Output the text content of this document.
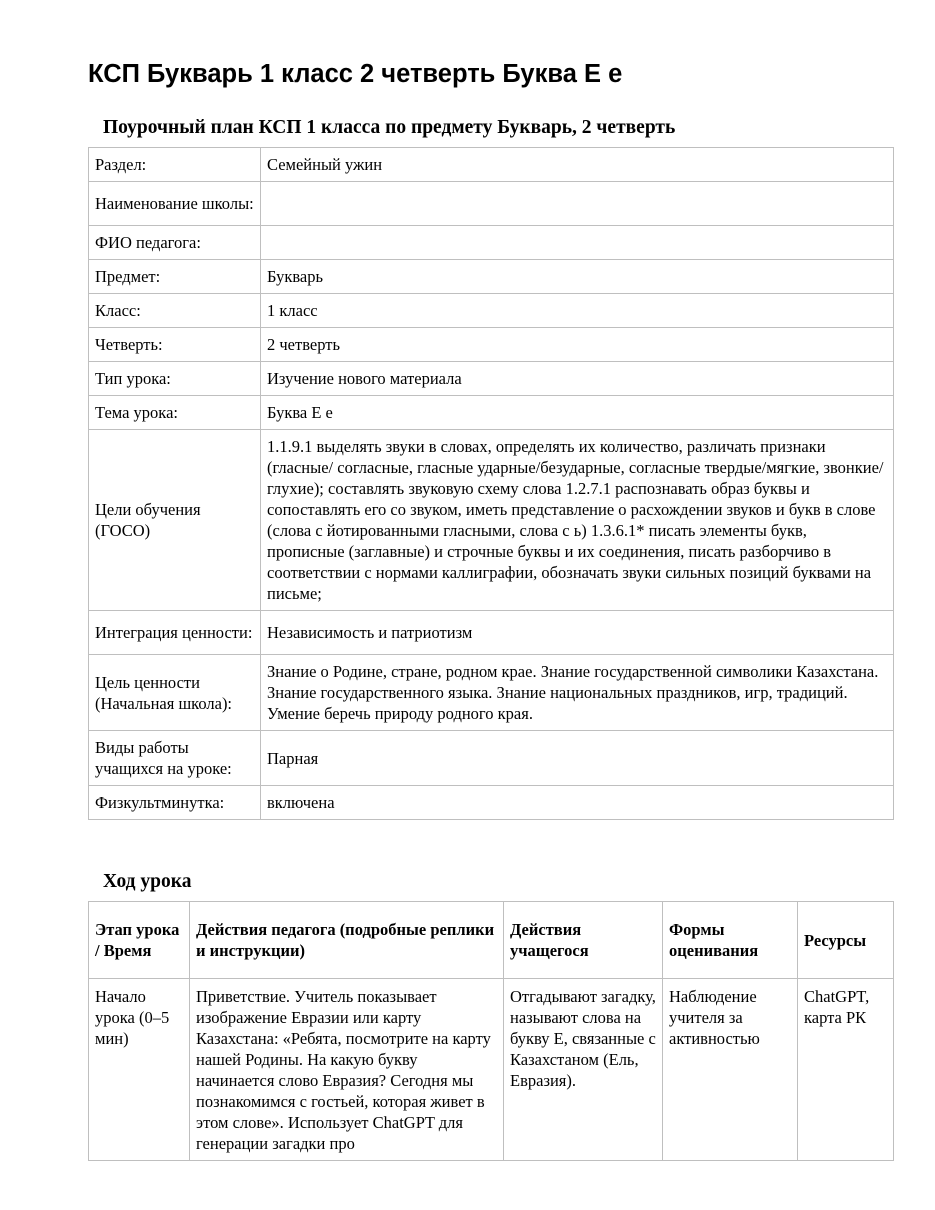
КСП Букварь 1 класс 2 четверть Буква Е е
Поурочный план КСП 1 класса по предмету Букварь, 2 четверть
Раздел:	Семейный ужин
Наименование школы:	
ФИО педагога:	
Предмет:	Букварь
Класс:	1 класс
Четверть:	2 четверть
Тип урока:	Изучение нового материала
Тема урока:	Буква Е е
Цели обучения (ГОСО)	1.1.9.1 выделять звуки в словах, определять их количество, различать признаки (гласные/ согласные, гласные ударные/безударные, согласные твердые/мягкие, звонкие/глухие); составлять звуковую схему слова 1.2.7.1 распознавать образ буквы и сопоставлять его со звуком, иметь представление о расхождении звуков и букв в слове (слова с йотированными гласными, слова с ь) 1.3.6.1* писать элементы букв, прописные (заглавные) и строчные буквы и их соединения, писать разборчиво в соответствии с нормами каллиграфии, обозначать звуки сильных позиций буквами на письме;
Интеграция ценности:	Независимость и патриотизм
Цель ценности (Начальная школа):	Знание о Родине, стране, родном крае. Знание государственной символики Казахстана. Знание государственного языка. Знание национальных праздников, игр, традиций. Умение беречь природу родного края.
Виды работы учащихся на уроке:	Парная
Физкультминутка:	включена
Ход урока
Этап урока / Время	Действия педагога (подробные реплики и инструкции)	Действия учащегося	Формы оценивания	Ресурсы
Начало урока (0–5 мин)	Приветствие. Учитель показывает изображение Евразии или карту Казахстана: «Ребята, посмотрите на карту нашей Родины. На какую букву начинается слово Евразия? Сегодня мы познакомимся с гостьей, которая живет в этом слове». Использует ChatGPT для генерации загадки про	Отгадывают загадку, называют слова на букву Е, связанные с Казахстаном (Ель, Евразия).	Наблюдение учителя за активностью	ChatGPT, карта РК
